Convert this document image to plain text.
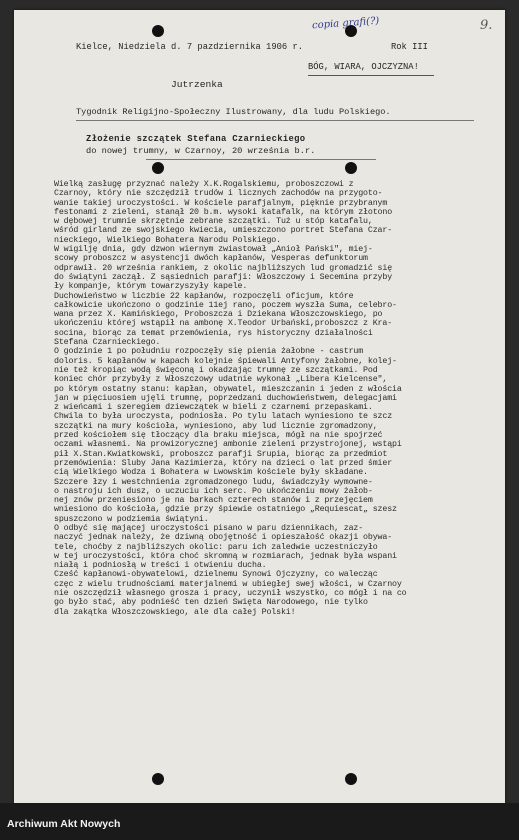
copia grafi(?)	9.
Kielce, Niedziela d. 7 pazdziernika 1906 r.	Rok III
BÓG, WIARA, OJCZYZNA!
Jutrzenka
Tygodnik Religijno-Społeczny Ilustrowany, dla ludu Polskiego.
Złożenie szczątek Stefana Czarnieckiego
do nowej trumny, w Czarnoy, 20 września b.r.
Wielką zasługę przyznać należy X.K.Rogalskiemu, proboszczowi z
Czarnoy, który nie szczędził trudów i licznych zachodów na przygoto-
wanie takiej uroczystości. W kościele parafjalnym, pięknie przybranym
festonami z zieleni, stanął 20 b.m. wysoki katafalk, na którym złotono
w dębowej trumnie skrzętnie zebrane szczątki. Tuż u stóp katafalu,
wśród girland ze swojskiego kwiecia, umieszczono portret Stefana Czar-
nieckiego, Wielkiego Bohatera Narodu Polskiego.
W wigilję dnia, gdy dzwon wiernym zwiastował „Anioł Pański", miej-
scowy proboszcz w asystencji dwóch kapłanów, Vesperas defunktorum
odprawił. 20 września rankiem, z okolic najbliższych lud gromadzić się
do świątyni zaczął. Z sąsiednich parafji: Włoszczowy i Secemina przyby
ły kompanje, którym towarzyszyły kapele.
Duchowieństwo w liczbie 22 kapłanów, rozpoczęli oficjum, które
całkowicie ukończono o godzinie 11ej rano, poczem wyszła Suma, celebro-
wana przez X. Kamińskiego, Proboszcza i Dziekana Włoszczowskiego, po
ukończeniu której wstąpił na ambonę X.Teodor Urbański,proboszcz z Kra-
socina, biorąc za temat przemówienia, rys historyczny działalności
Stefana Czarnieckiego.
O godzinie 1 po południu rozpoczęły się pienia żałobne - castrum
doloris. 5 kapłanów w kapach kolejnie śpiewali Antyfony żałobne, kolej-
nie też kropiąc wodą święconą i okadzając trumnę ze szczątkami. Pod
koniec chór przybyły z Włoszczowy udatnie wykonał „Libera Kielcense",
po którym ostatny stanu: kapłan, obywatel, mieszczanin i jeden z włościa
jan w pięciuosiem ujęli trumnę, poprzedzani duchowieństwem, delegacjami
z wieńcami i szeregiem dziewczątek w bieli z czarnemi przepaskami.
Chwila to była uroczysta, podniosła. Po tylu latach wyniesiono te szcz
szczątki na mury kościoła, wyniesiono, aby lud licznie zgromadzony,
przed kościołem się tłoczący dla braku miejsca, mógł na nie spojrzeć
oczami własnemi. Na prowizorycznej ambonie zieleni przystrojonej, wstąpi
pił X.Stan.Kwiatkowski, proboszcz parafji Srupia, biorąc za przedmiot
przemówienia: Śluby Jana Kazimierza, który na dzieci o lat przed śmier
cią Wielkiego Wodza i Bohatera w Lwowskim kościele były składane.
Szczere łzy i westchnienia zgromadzonego ludu, świadczyły wymowne-
o nastroju ich dusz, o uczuciu ich serc. Po ukończeniu mowy żałob-
nej znów przeniesiono je na barkach czterech stanów i z przejęciem
wniesiono do kościoła, gdzie przy śpiewie ostatniego „Requiescat„ szesz
spuszczono w podziemia świątyni.
O odbyć się mającej uroczystości pisano w paru dziennikach, zaz-
naczyć jednak należy, że dziwną obojętność i opieszałość okazji obywa-
tele, choćby z najbliższych okolic: paru ich zaledwie uczestniczyło
w tej uroczystości, która choć skromną w rozmiarach, jednak była wspani
niałą i podniosłą w treści i otwieniu ducha.
Cześć kapłanowi-obywatelowi, dzielnemu Synowi Ojczyzny, co walecząc
częc z wielu trudnościami materjalnemi w ubiegłej swej włości, w Czarnoy
nie oszczędził własnego grosza i pracy, uczynił wszystko, co mógł i na co
go było stać, aby podnieść ten dzień Święta Narodowego, nie tylko
dla zakątka Włoszczowskiego, ale dla całej Polski!
Archiwum Akt Nowych
